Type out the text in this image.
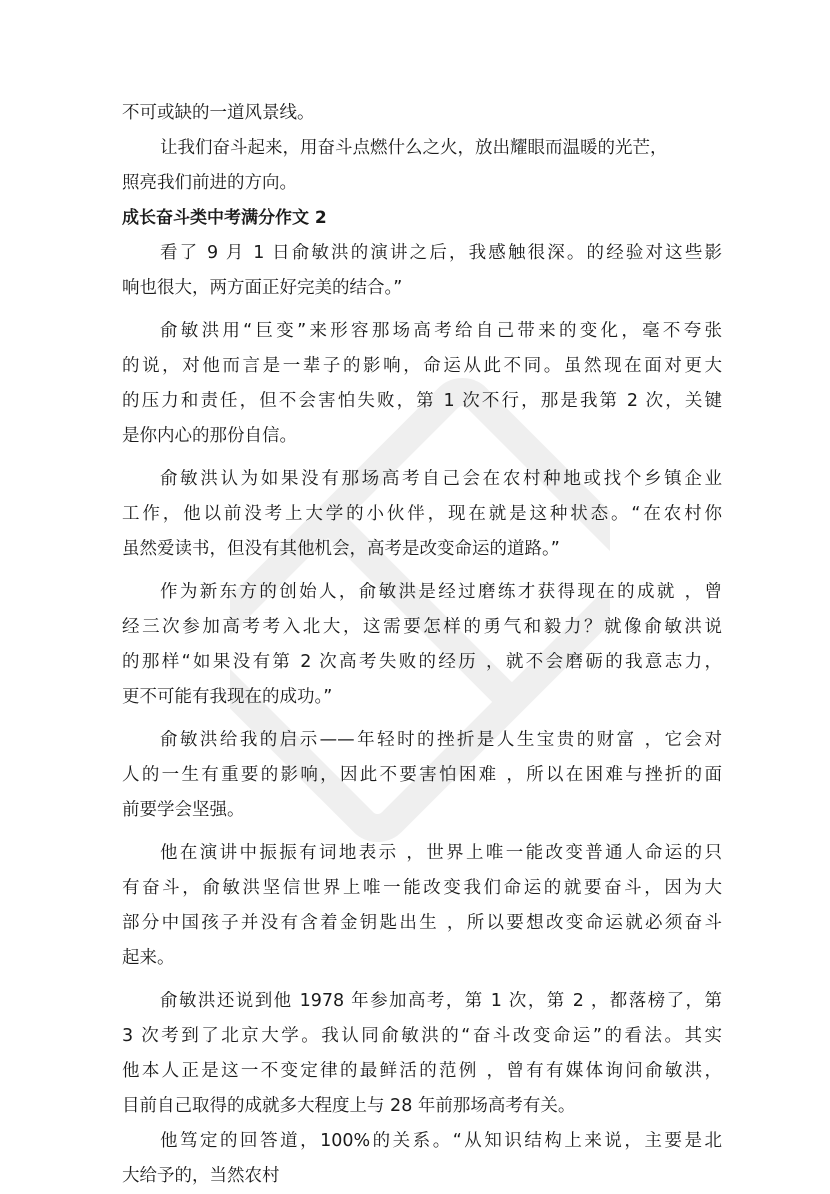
不可或缺的一道风景线。
让我们奋斗起来，用奋斗点燃什么之火，放出耀眼而温暖的光芒，
照亮我们前进的方向。
成长奋斗类中考满分作文 2
看了 9 月 1 日俞敏洪的演讲之后，我感触很深。的经验对这些影
响也很大，两方面正好完美的结合。”
俞敏洪用“巨变”来形容那场高考给自己带来的变化，毫不夸张
的说，对他而言是一辈子的影响，命运从此不同。虽然现在面对更大
的压力和责任，但不会害怕失败，第 1 次不行，那是我第 2 次，关键
是你内心的那份自信。
俞敏洪认为如果没有那场高考自己会在农村种地或找个乡镇企业
工作，他以前没考上大学的小伙伴，现在就是这种状态。“在农村你
虽然爱读书，但没有其他机会，高考是改变命运的道路。”
作为新东方的创始人，俞敏洪是经过磨练才获得现在的成就 ，曾
经三次参加高考考入北大，这需要怎样的勇气和毅力？就像俞敏洪说
的那样“如果没有第 2 次高考失败的经历 ，就不会磨砺的我意志力，
更不可能有我现在的成功。”
俞敏洪给我的启示——年轻时的挫折是人生宝贵的财富 ，它会对
人的一生有重要的影响，因此不要害怕困难 ，所以在困难与挫折的面
前要学会坚强。
他在演讲中振振有词地表示 ，世界上唯一能改变普通人命运的只
有奋斗，俞敏洪坚信世界上唯一能改变我们命运的就要奋斗，因为大
部分中国孩子并没有含着金钥匙出生 ，所以要想改变命运就必须奋斗
起来。
俞敏洪还说到他 1978 年参加高考，第 1 次，第 2 ，都落榜了，第
3 次考到了北京大学。我认同俞敏洪的“奋斗改变命运”的看法。其实
他本人正是这一不变定律的最鲜活的范例 ，曾有有媒体询问俞敏洪，
目前自己取得的成就多大程度上与 28 年前那场高考有关。
他笃定的回答道，100%的关系。“从知识结构上来说，主要是北
大给予的，当然农村
